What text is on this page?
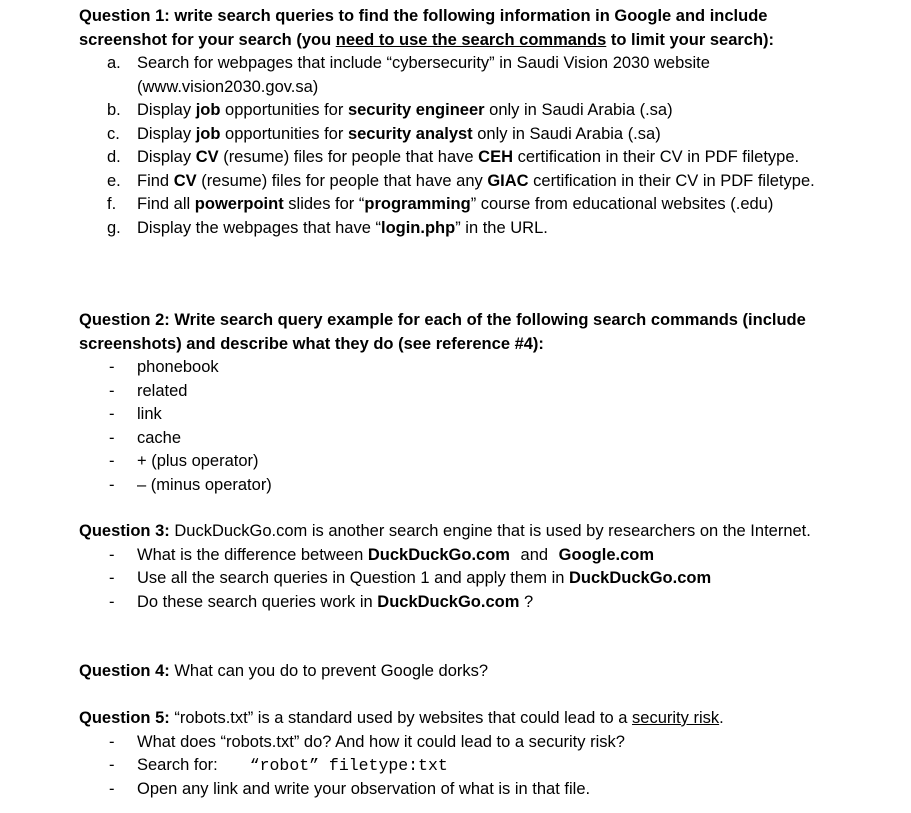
Question 1: write search queries to find the following information in Google and include screenshot for your search (you need to use the search commands to limit your search):

a. Search for webpages that include “cybersecurity” in Saudi Vision 2030 website (www.vision2030.gov.sa)
b. Display job opportunities for security engineer only in Saudi Arabia (.sa)
c. Display job opportunities for security analyst only in Saudi Arabia (.sa)
d. Display CV (resume) files for people that have CEH certification in their CV in PDF filetype.
e. Find CV (resume) files for people that have any GIAC certification in their CV in PDF filetype.
f. Find all powerpoint slides for “programming” course from educational websites (.edu)
g. Display the webpages that have “login.php” in the URL.

Question 2: Write search query example for each of the following search commands (include screenshots) and describe what they do (see reference #4):

- phonebook
- related
- link
- cache
- + (plus operator)
- – (minus operator)

Question 3: DuckDuckGo.com is another search engine that is used by researchers on the Internet.

- What is the difference between DuckDuckGo.com and Google.com
- Use all the search queries in Question 1 and apply them in DuckDuckGo.com
- Do these search queries work in DuckDuckGo.com ?

Question 4: What can you do to prevent Google dorks?

Question 5: “robots.txt” is a standard used by websites that could lead to a security risk.

- What does “robots.txt” do? And how it could lead to a security risk?
- Search for: “robot” filetype:txt
- Open any link and write your observation of what is in that file.
